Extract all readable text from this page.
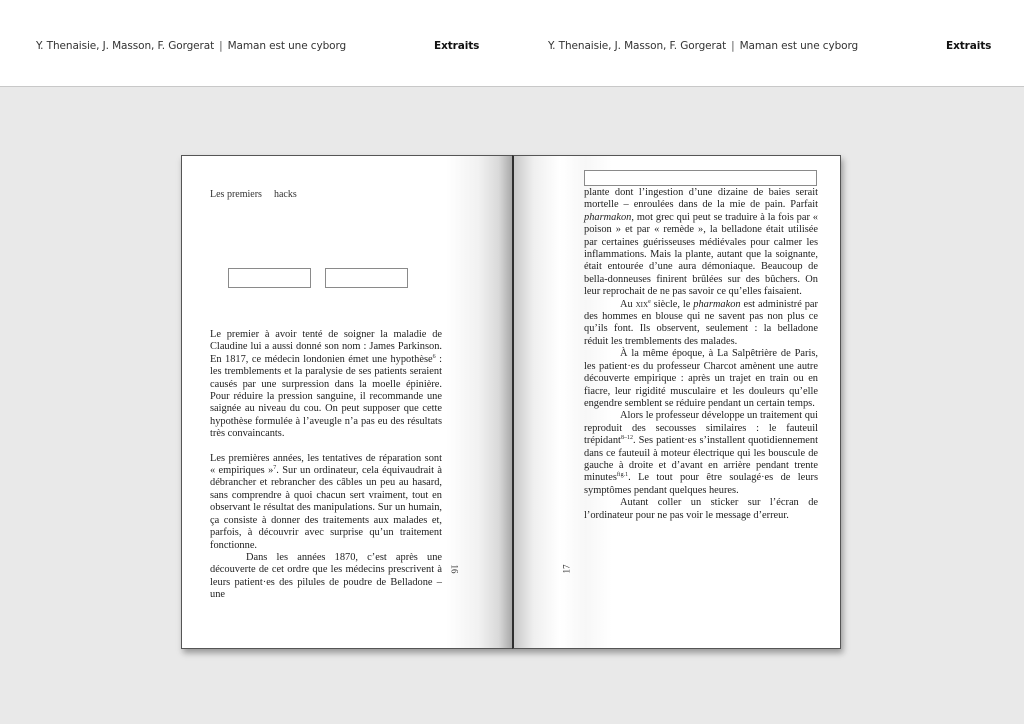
Y. Thenaisie, J. Masson, F. Gorgerat | Maman est une cyborg	Extraits	Y. Thenaisie, J. Masson, F. Gorgerat | Maman est une cyborg	Extraits
Les premiers hacks

Le premier à avoir tenté de soigner la maladie de Claudine lui a aussi donné son nom : James Parkinson. En 1817, ce médecin londonien émet une hypothèse$^6$ : les tremblements et la paralysie de ses patients seraient causés par une surpression dans la moelle épinière. Pour réduire la pression sanguine, il recommande une saignée au niveau du cou. On peut supposer que cette hypothèse formulée à l’aveugle n’a pas eu des résultats très convaincants.

Les premières années, les tentatives de réparation sont « empiriques »$^7$. Sur un ordinateur, cela équivaudrait à débrancher et rebrancher des câbles un peu au hasard, sans comprendre à quoi chacun sert vraiment, tout en observant le résultat des manipulations. Sur un humain, ça consiste à donner des traitements aux malades et, parfois, à découvrir avec surprise qu’un traitement fonctionne.

Dans les années 1870, c’est après une découverte de cet ordre que les médecins prescrivent à leurs patient·es des pilules de poudre de Belladone – une

16

plante dont l’ingestion d’une dizaine de baies serait mortelle – enroulées dans de la mie de pain. Parfait pharmakon, mot grec qui peut se traduire à la fois par « poison » et par « remède », la belladone était utilisée par certaines guérisseuses médiévales pour calmer les inflammations. Mais la plante, autant que la soignante, était entourée d’une aura démoniaque. Beaucoup de bella-donneuses finirent brûlées sur des bûchers. On leur reprochait de ne pas savoir ce qu’elles faisaient.

Au xix$^e$ siècle, le pharmakon est administré par des hommes en blouse qui ne savent pas non plus ce qu’ils font. Ils observent, seulement : la belladone réduit les tremblements des malades.

À la même époque, à La Salpêtrière de Paris, les patient·es du professeur Charcot amènent une autre découverte empirique : après un trajet en train ou en fiacre, leur rigidité musculaire et les douleurs qu’elle engendre semblent se réduire pendant un certain temps.

Alors le professeur développe un traitement qui reproduit des secousses similaires : le fauteuil trépidant$^{8-12}$. Ses patient·es s’installent quotidiennement dans ce fauteuil à moteur électrique qui les bouscule de gauche à droite et d’avant en arrière pendant trente minutes$^{fig.1}$. Le tout pour être soulagé·es de leurs symptômes pendant quelques heures.

Autant coller un sticker sur l’écran de l’ordinateur pour ne pas voir le message d’erreur.

17
